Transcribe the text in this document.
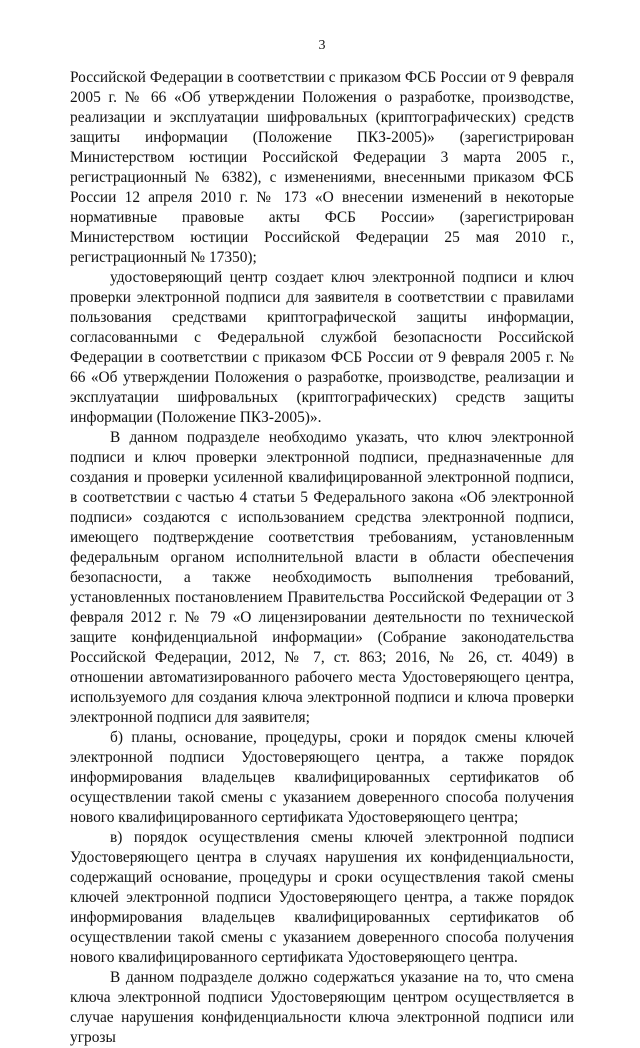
3

Российской Федерации в соответствии с приказом ФСБ России от 9 февраля 2005 г. № 66 «Об утверждении Положения о разработке, производстве, реализации и эксплуатации шифровальных (криптографических) средств защиты информации (Положение ПКЗ-2005)» (зарегистрирован Министерством юстиции Российской Федерации 3 марта 2005 г., регистрационный № 6382), с изменениями, внесенными приказом ФСБ России 12 апреля 2010 г. № 173 «О внесении изменений в некоторые нормативные правовые акты ФСБ России» (зарегистрирован Министерством юстиции Российской Федерации 25 мая 2010 г., регистрационный № 17350);

удостоверяющий центр создает ключ электронной подписи и ключ проверки электронной подписи для заявителя в соответствии с правилами пользования средствами криптографической защиты информации, согласованными с Федеральной службой безопасности Российской Федерации в соответствии с приказом ФСБ России от 9 февраля 2005 г. № 66 «Об утверждении Положения о разработке, производстве, реализации и эксплуатации шифровальных (криптографических) средств защиты информации (Положение ПКЗ-2005)».

В данном подразделе необходимо указать, что ключ электронной подписи и ключ проверки электронной подписи, предназначенные для создания и проверки усиленной квалифицированной электронной подписи, в соответствии с частью 4 статьи 5 Федерального закона «Об электронной подписи» создаются с использованием средства электронной подписи, имеющего подтверждение соответствия требованиям, установленным федеральным органом исполнительной власти в области обеспечения безопасности, а также необходимость выполнения требований, установленных постановлением Правительства Российской Федерации от 3 февраля 2012 г. № 79 «О лицензировании деятельности по технической защите конфиденциальной информации» (Собрание законодательства Российской Федерации, 2012, № 7, ст. 863; 2016, № 26, ст. 4049) в отношении автоматизированного рабочего места Удостоверяющего центра, используемого для создания ключа электронной подписи и ключа проверки электронной подписи для заявителя;

б) планы, основание, процедуры, сроки и порядок смены ключей электронной подписи Удостоверяющего центра, а также порядок информирования владельцев квалифицированных сертификатов об осуществлении такой смены с указанием доверенного способа получения нового квалифицированного сертификата Удостоверяющего центра;

в) порядок осуществления смены ключей электронной подписи Удостоверяющего центра в случаях нарушения их конфиденциальности, содержащий основание, процедуры и сроки осуществления такой смены ключей электронной подписи Удостоверяющего центра, а также порядок информирования владельцев квалифицированных сертификатов об осуществлении такой смены с указанием доверенного способа получения нового квалифицированного сертификата Удостоверяющего центра.

В данном подразделе должно содержаться указание на то, что смена ключа электронной подписи Удостоверяющим центром осуществляется в случае нарушения конфиденциальности ключа электронной подписи или угрозы
